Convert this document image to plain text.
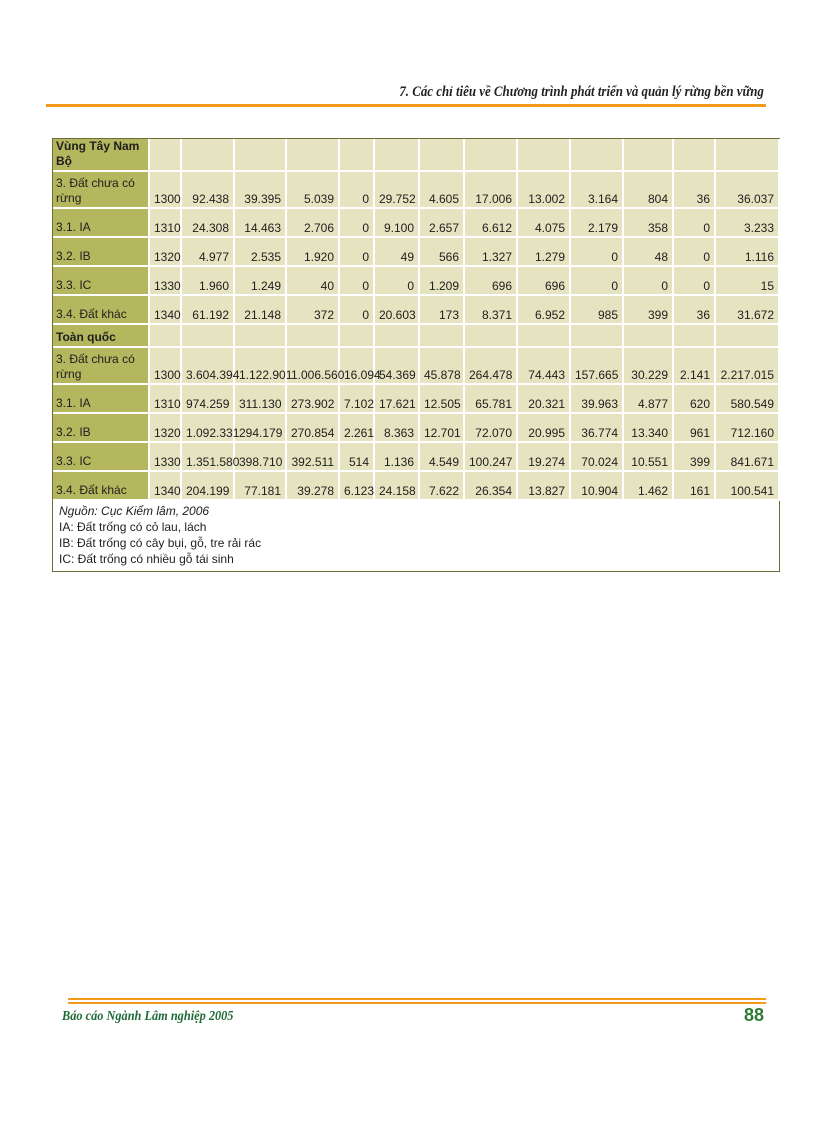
7. Các chỉ tiêu về Chương trình phát triển và quản lý rừng bền vững
Vùng Tây Nam Bộ													
3. Đất chưa có rừng	1300	92.438	39.395	5.039	0	29.752	4.605	17.006	13.002	3.164	804	36	36.037
3.1. IA	1310	24.308	14.463	2.706	0	9.100	2.657	6.612	4.075	2.179	358	0	3.233
3.2. IB	1320	4.977	2.535	1.920	0	49	566	1.327	1.279	0	48	0	1.116
3.3. IC	1330	1.960	1.249	40	0	0	1.209	696	696	0	0	0	15
3.4. Đất khác	1340	61.192	21.148	372	0	20.603	173	8.371	6.952	985	399	36	31.672
Toàn quốc													
3. Đất chưa có rừng	1300	3.604.394	1.122.901	1.006.560	16.094	54.369	45.878	264.478	74.443	157.665	30.229	2.141	2.217.015
3.1. IA	1310	974.259	311.130	273.902	7.102	17.621	12.505	65.781	20.321	39.963	4.877	620	580.549
3.2. IB	1320	1.092.331	294.179	270.854	2.261	8.363	12.701	72.070	20.995	36.774	13.340	961	712.160
3.3. IC	1330	1.351.580	398.710	392.511	514	1.136	4.549	100.247	19.274	70.024	10.551	399	841.671
3.4. Đất khác	1340	204.199	77.181	39.278	6.123	24.158	7.622	26.354	13.827	10.904	1.462	161	100.541
Nguồn: Cục Kiểm lâm, 2006
IA: Đất trống có cỏ lau, lách
IB: Đất trống có cây bụi, gỗ, tre rải rác
IC: Đất trống có nhiều gỗ tái sinh
Báo cáo Ngành Lâm nghiệp 2005	88
